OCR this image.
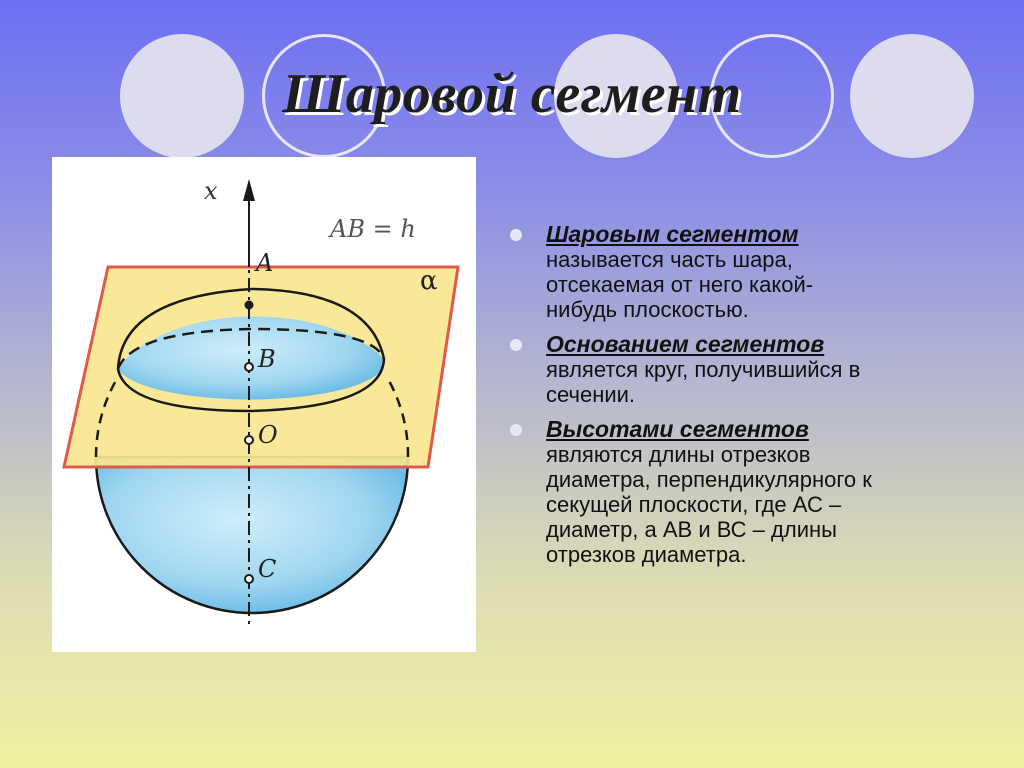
Шаровой сегмент
x
AB = h
α
A
B
O
C
Шаровым сегментом
называется часть шара,
отсекаемая от него какой-
нибудь плоскостью.
Основанием сегментов
является круг, получившийся в
сечении.
Высотами сегментов
являются длины отрезков
диаметра, перпендикулярного к
секущей плоскости, где АС –
диаметр, а АВ и ВС – длины
отрезков диаметра.
